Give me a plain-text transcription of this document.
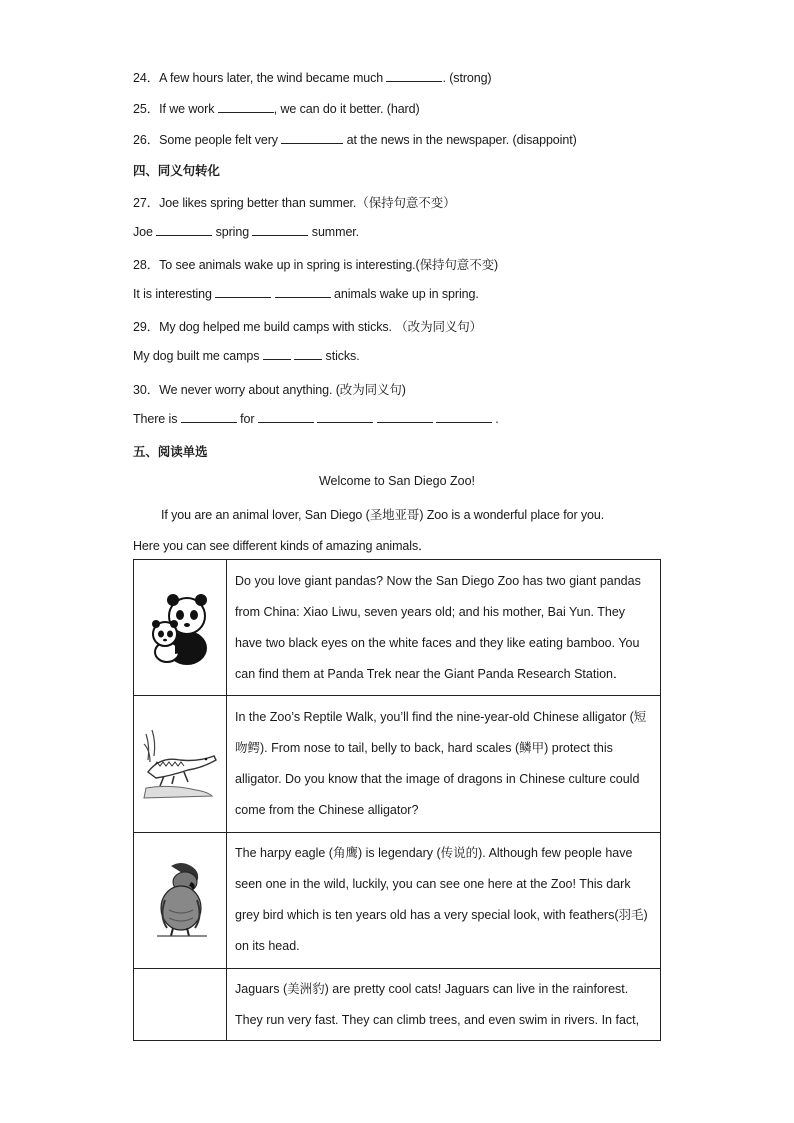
24．A few hours later, the wind became much	. (strong)
25．If we work	, we can do it better. (hard)
26．Some people felt very	at the news in the newspaper. (disappoint)
四、同义句转化
27．Joe likes spring better than summer.（保持句意不变）
Joe	spring	summer.
28．To see animals wake up in spring is interesting.(保持句意不变)
It is interesting	animals wake up in spring.
29．My dog helped me build camps with sticks. （改为同义句）
My dog built me camps	sticks.
30．We never worry about anything. (改为同义句)
There is	for	.
五、阅读单选
Welcome to San Diego Zoo!
If you are an animal lover, San Diego (圣地亚哥) Zoo is a wonderful place for you.
Here you can see different kinds of amazing animals．
	Do you love giant pandas? Now the San Diego Zoo has two giant pandas from China: Xiao Liwu, seven years old; and his mother, Bai Yun. They have two black eyes on the white faces and they like eating bamboo. You can find them at Panda Trek near the Giant Panda Research Station．

	In the Zoo’s Reptile Walk, you’ll find the nine-year-old Chinese alligator (短吻鳄). From nose to tail, belly to back, hard scales (鳞甲) protect this alligator. Do you know that the image of dragons in Chinese culture could come from the Chinese alligator?

	The harpy eagle (角鹰) is legendary (传说的). Although few people have seen one in the wild, luckily, you can see one here at the Zoo! This dark grey bird which is ten years old has a very special look, with feathers(羽毛) on its head.
	Jaguars (美洲豹) are pretty cool cats! Jaguars can live in the rainforest. They run very fast. They can climb trees, and even swim in rivers. In fact,
